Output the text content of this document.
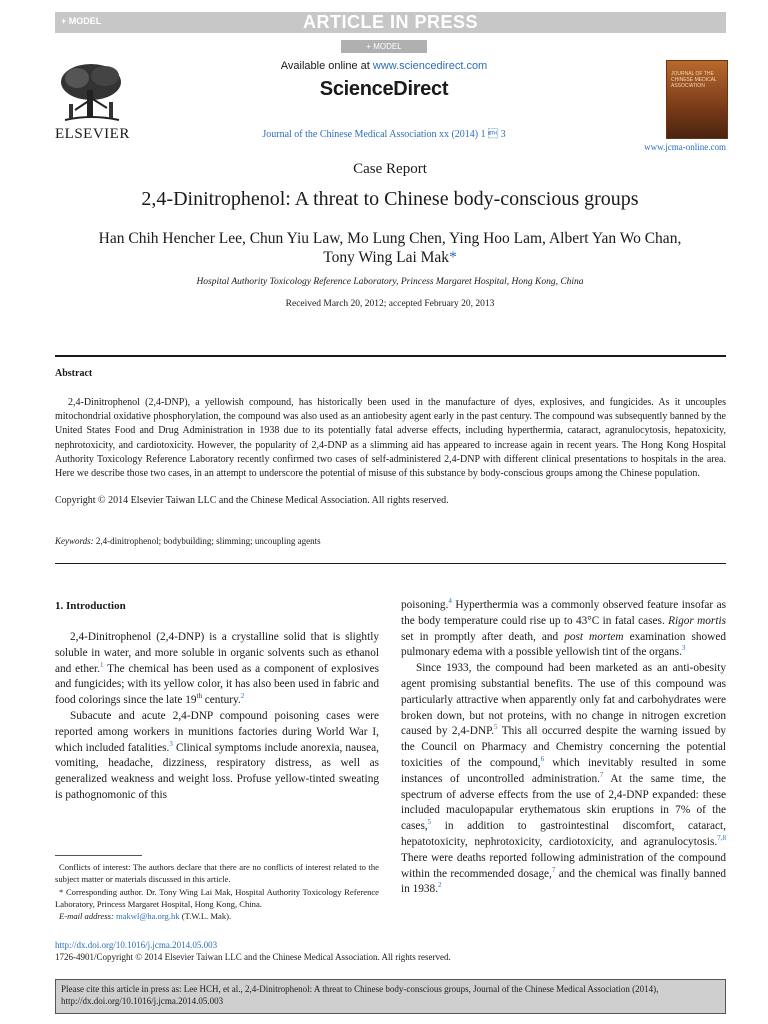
+ MODEL	ARTICLE IN PRESS
+ MODEL
ELSEVIER
Available online at www.sciencedirect.com
ScienceDirect
Journal of the Chinese Medical Association xx (2014) 1  3
JOURNAL OF THE CHINESE MEDICAL ASSOCIATION
www.jcma-online.com
Case Report
2,4-Dinitrophenol: A threat to Chinese body-conscious groups
Han Chih Hencher Lee, Chun Yiu Law, Mo Lung Chen, Ying Hoo Lam, Albert Yan Wo Chan,
Tony Wing Lai Mak*
Hospital Authority Toxicology Reference Laboratory, Princess Margaret Hospital, Hong Kong, China
Received March 20, 2012; accepted February 20, 2013
Abstract
2,4-Dinitrophenol (2,4-DNP), a yellowish compound, has historically been used in the manufacture of dyes, explosives, and fungicides. As it uncouples mitochondrial oxidative phosphorylation, the compound was also used as an antiobesity agent early in the past century. The compound was subsequently banned by the United States Food and Drug Administration in 1938 due to its potentially fatal adverse effects, including hyperthermia, cataract, agranulocytosis, hepatoxicity, nephrotoxicity, and cardiotoxicity. However, the popularity of 2,4-DNP as a slimming aid has appeared to increase again in recent years. The Hong Kong Hospital Authority Toxicology Reference Laboratory recently confirmed two cases of self-administered 2,4-DNP with different clinical presentations to hospitals in the area. Here we describe those two cases, in an attempt to underscore the potential of misuse of this substance by body-conscious groups among the Chinese population.
Copyright © 2014 Elsevier Taiwan LLC and the Chinese Medical Association. All rights reserved.
Keywords: 2,4-dinitrophenol; bodybuilding; slimming; uncoupling agents
1. Introduction

2,4-Dinitrophenol (2,4-DNP) is a crystalline solid that is slightly soluble in water, and more soluble in organic solvents such as ethanol and ether.$^1$ The chemical has been used as a component of explosives and fungicides; with its yellow color, it has also been used in fabric and food colorings since the late 19th century.$^2$

Subacute and acute 2,4-DNP compound poisoning cases were reported among workers in munitions factories during World War I, which included fatalities.$^3$ Clinical symptoms include anorexia, nausea, vomiting, headache, dizziness, respiratory distress, as well as generalized weakness and weight loss. Profuse yellow-tinted sweating is pathognomonic of this

poisoning.$^4$ Hyperthermia was a commonly observed feature insofar as the body temperature could rise up to 43°C in fatal cases. Rigor mortis set in promptly after death, and post mortem examination showed pulmonary edema with a possible yellowish tint of the organs.$^3$

Since 1933, the compound had been marketed as an anti-obesity agent promising substantial benefits. The use of this compound was particularly attractive when apparently only fat and carbohydrates were broken down, but not proteins, with no change in nitrogen excretion caused by 2,4-DNP.$^5$ This all occurred despite the warning issued by the Council on Pharmacy and Chemistry concerning the potential toxicities of the compound,$^6$ which inevitably resulted in some instances of uncontrolled administration.$^7$ At the same time, the spectrum of adverse effects from the use of 2,4-DNP expanded: these included maculopapular erythematous skin eruptions in 7% of the cases,$^5$ in addition to gastrointestinal discomfort, cataract, hepatotoxicity, nephrotoxicity, cardiotoxicity, and agranulocytosis.$^{7,8}$ There were deaths reported following administration of the compound within the recommended dosage,$^7$ and the chemical was finally banned in 1938.$^2$

Conflicts of interest: The authors declare that there are no conflicts of interest related to the subject matter or materials discussed in this article.

* Corresponding author. Dr. Tony Wing Lai Mak, Hospital Authority Toxicology Reference Laboratory, Princess Margaret Hospital, Hong Kong, China.

E-mail address: makwl@ha.org.hk (T.W.L. Mak).

http://dx.doi.org/10.1016/j.jcma.2014.05.003
1726-4901/Copyright © 2014 Elsevier Taiwan LLC and the Chinese Medical Association. All rights reserved.
Please cite this article in press as: Lee HCH, et al., 2,4-Dinitrophenol: A threat to Chinese body-conscious groups, Journal of the Chinese Medical Association (2014), http://dx.doi.org/10.1016/j.jcma.2014.05.003
